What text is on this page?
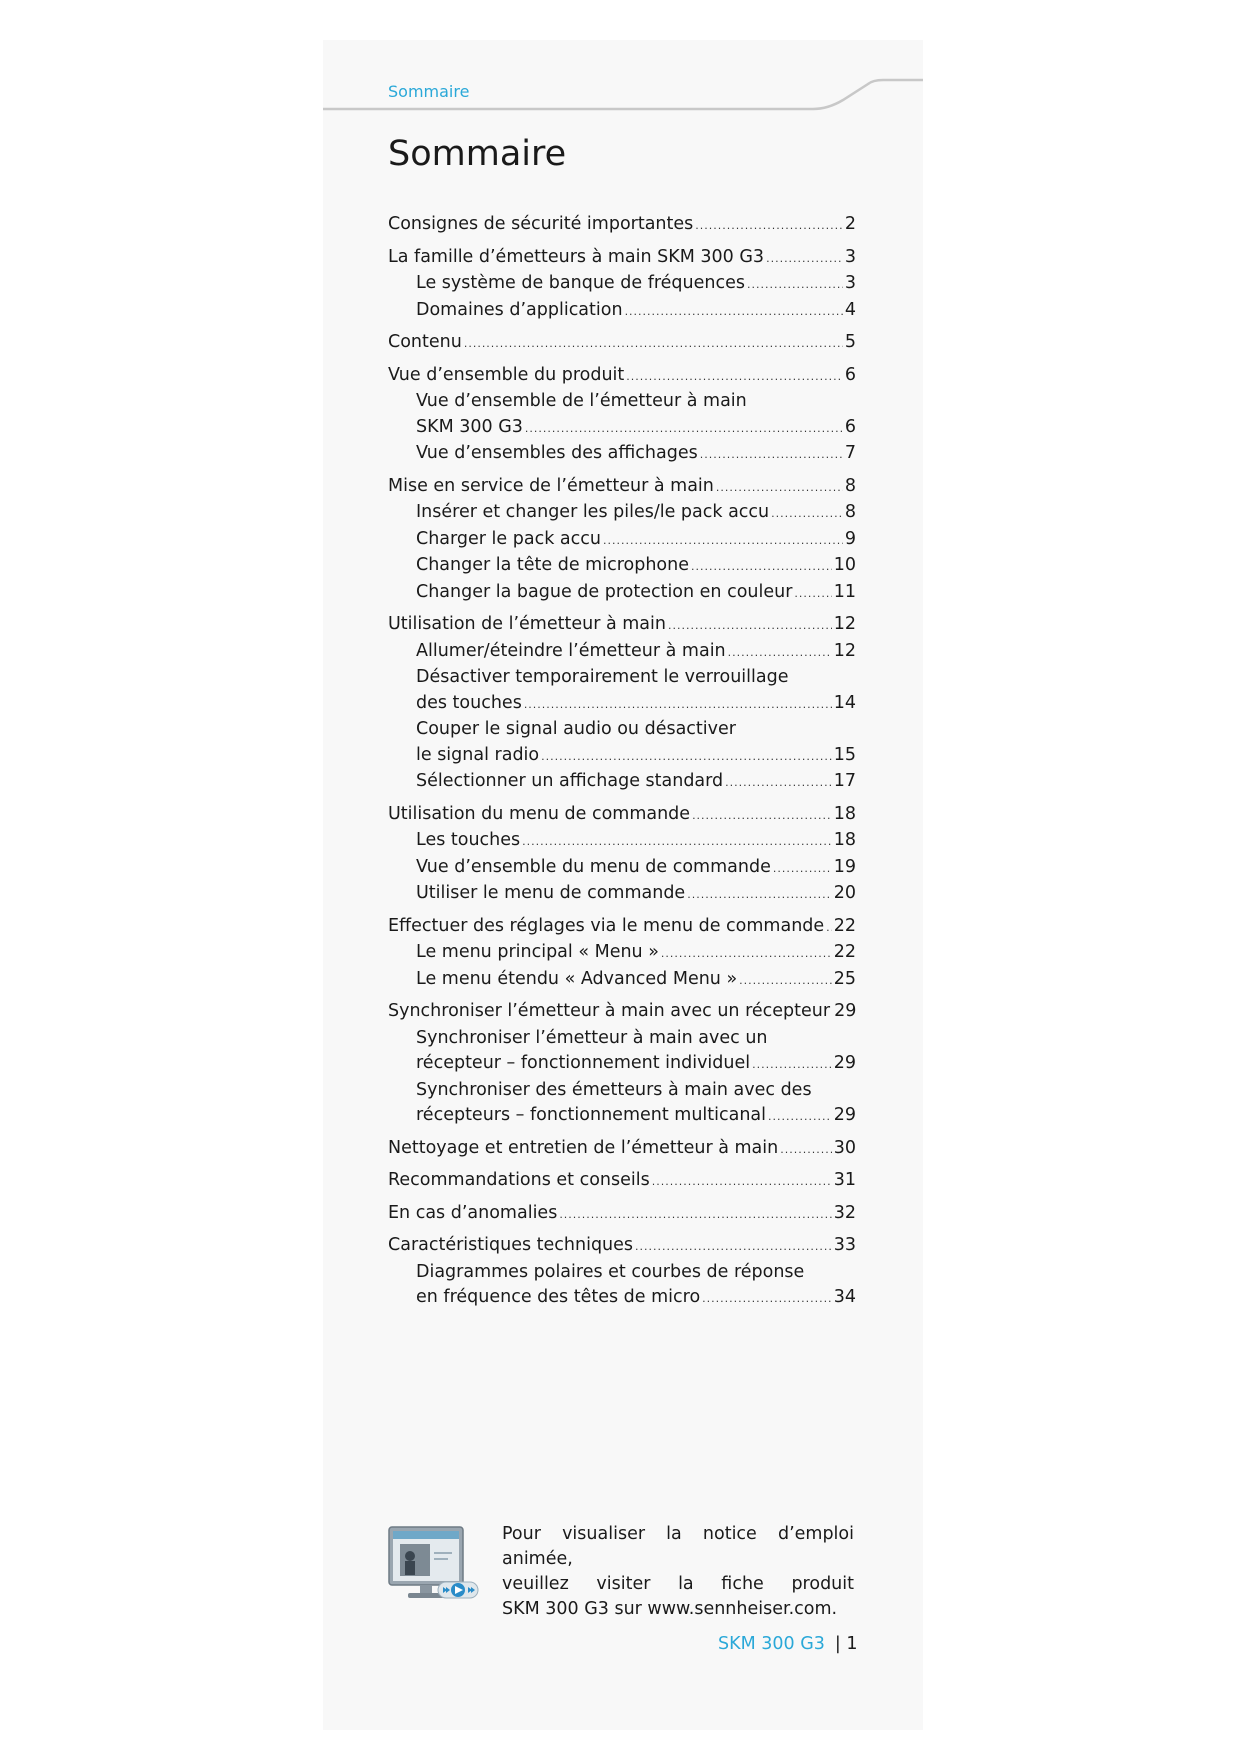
Sommaire
Sommaire
Consignes de sécurité importantes .....	2
La famille d’émetteurs à main SKM 300 G3 .....	3
Le système de banque de fréquences .....	3
Domaines d’application .....	4
Contenu .....	5
Vue d’ensemble du produit .....	6
Vue d’ensemble de l’émetteur à main
SKM 300 G3 .....	6
Vue d’ensembles des affichages .....	7
Mise en service de l’émetteur à main .....	8
Insérer et changer les piles/le pack accu .....	8
Charger le pack accu .....	9
Changer la tête de microphone .....	10
Changer la bague de protection en couleur ..... 11
Utilisation de l’émetteur à main .....	12
Allumer/éteindre l’émetteur à main .....	12
Désactiver temporairement le verrouillage
des touches .....	14
Couper le signal audio ou désactiver
le signal radio .....	15
Sélectionner un affichage standard .....	17
Utilisation du menu de commande .....	18
Les touches .....	18
Vue d’ensemble du menu de commande .....	19
Utiliser le menu de commande .....	20
Effectuer des réglages via le menu de commande ..... 22
Le menu principal « Menu » .....	22
Le menu étendu « Advanced Menu » .....	25
Synchroniser l’émetteur à main avec un récepteur 29
Synchroniser l’émetteur à main avec un
récepteur – fonctionnement individuel .....	29
Synchroniser des émetteurs à main avec des
récepteurs – fonctionnement multicanal .....	29
Nettoyage et entretien de l’émetteur à main .....	30
Recommandations et conseils .....	31
En cas d’anomalies .....	32
Caractéristiques techniques .....	33
Diagrammes polaires et courbes de réponse
en fréquence des têtes de micro .....	34
Pour visualiser la notice d’emploi animée,
veuillez visiter la fiche produit
SKM 300 G3 sur www.sennheiser.com.
SKM 300 G3 | 1
